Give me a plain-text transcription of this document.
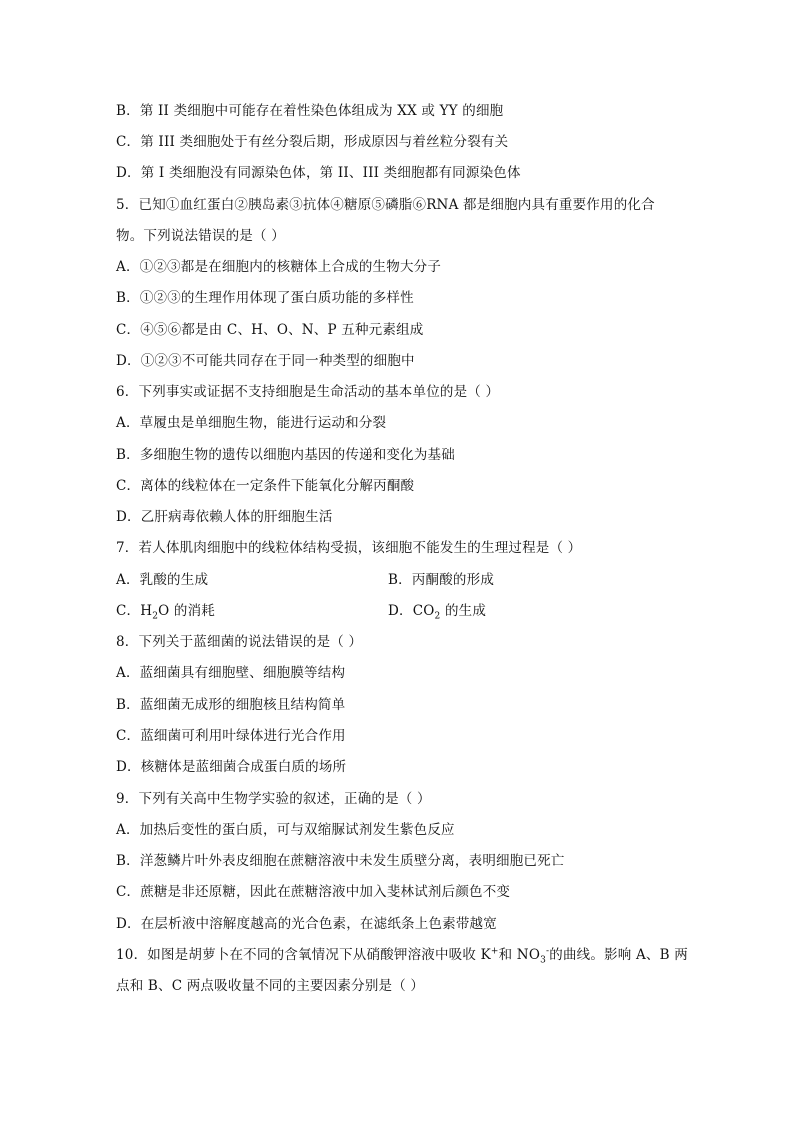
B．第 II 类细胞中可能存在着性染色体组成为 XX 或 YY 的细胞
C．第 III 类细胞处于有丝分裂后期，形成原因与着丝粒分裂有关
D．第 I 类细胞没有同源染色体，第 II、III 类细胞都有同源染色体
5．已知①血红蛋白②胰岛素③抗体④糖原⑤磷脂⑥RNA 都是细胞内具有重要作用的化合
物。下列说法错误的是（ ）
A．①②③都是在细胞内的核糖体上合成的生物大分子
B．①②③的生理作用体现了蛋白质功能的多样性
C．④⑤⑥都是由 C、H、O、N、P 五种元素组成
D．①②③不可能共同存在于同一种类型的细胞中
6．下列事实或证据不支持细胞是生命活动的基本单位的是（ ）
A．草履虫是单细胞生物，能进行运动和分裂
B．多细胞生物的遗传以细胞内基因的传递和变化为基础
C．离体的线粒体在一定条件下能氧化分解丙酮酸
D．乙肝病毒依赖人体的肝细胞生活
7．若人体肌肉细胞中的线粒体结构受损，该细胞不能发生的生理过程是（ ）
A．乳酸的生成	B．丙酮酸的形成
C．$H_2O$ 的消耗	D．$CO_2$ 的生成
8．下列关于蓝细菌的说法错误的是（ ）
A．蓝细菌具有细胞壁、细胞膜等结构
B．蓝细菌无成形的细胞核且结构简单
C．蓝细菌可利用叶绿体进行光合作用
D．核糖体是蓝细菌合成蛋白质的场所
9．下列有关高中生物学实验的叙述，正确的是（ ）
A．加热后变性的蛋白质，可与双缩脲试剂发生紫色反应
B．洋葱鳞片叶外表皮细胞在蔗糖溶液中未发生质壁分离，表明细胞已死亡
C．蔗糖是非还原糖，因此在蔗糖溶液中加入斐林试剂后颜色不变
D．在层析液中溶解度越高的光合色素，在滤纸条上色素带越宽
10．如图是胡萝卜在不同的含氧情况下从硝酸钾溶液中吸收 K+和 $NO_3^-$的曲线。影响 A、B 两
点和 B、C 两点吸收量不同的主要因素分别是（ ）
